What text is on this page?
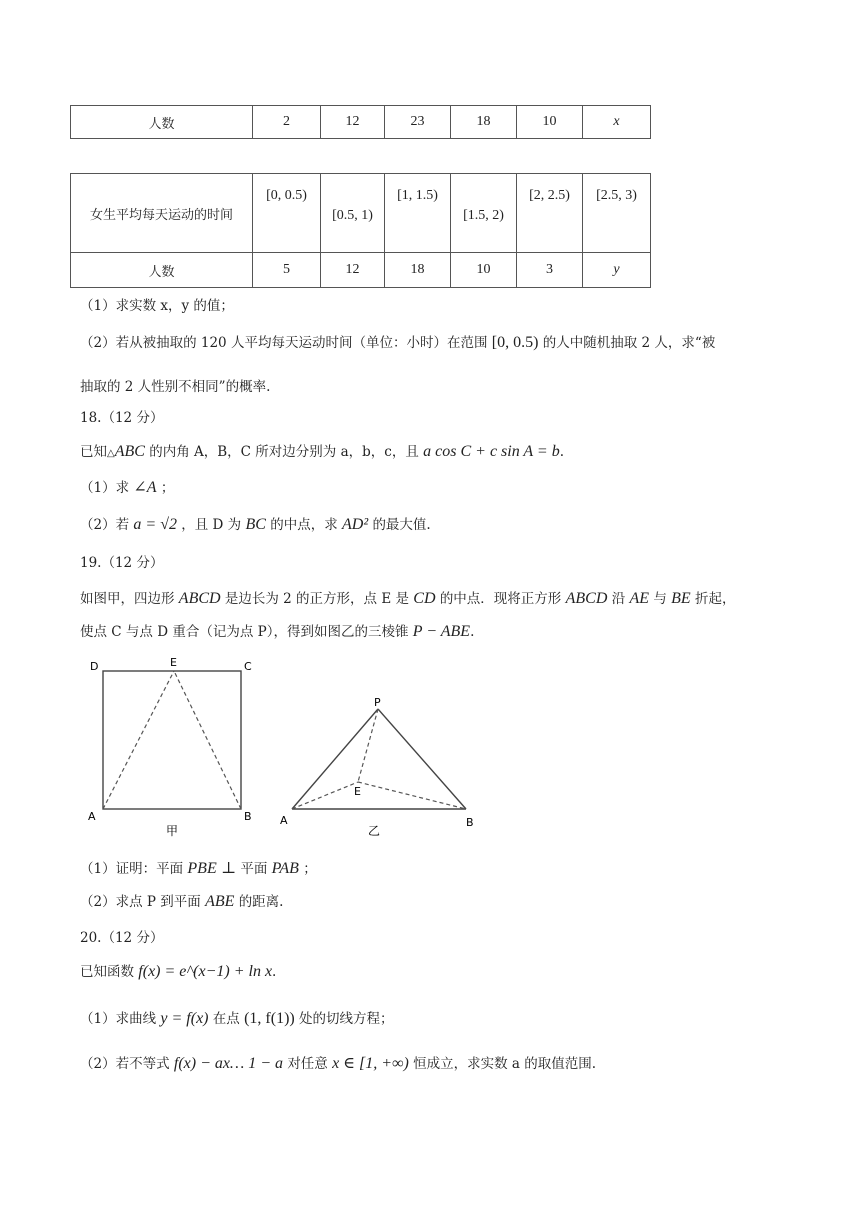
人数	2	12	23	18	10	x
女生平均每天运动的时间	[0, 0.5)	[0.5, 1)	[1, 1.5)	[1.5, 2)	[2, 2.5)	[2.5, 3)
人数	5	12	18	10	3	y
（1）求实数 x，y 的值；
（2）若从被抽取的 120 人平均每天运动时间（单位：小时）在范围 [0, 0.5) 的人中随机抽取 2 人，求“被
抽取的 2 人性别不相同”的概率.
18.（12 分）
已知△ABC 的内角 A，B，C 所对边分别为 a，b，c，且 a cos C + c sin A = b.
（1）求 ∠A ；
（2）若 a = √2 ，且 D 为 BC 的中点，求 AD² 的最大值.
19.（12 分）
如图甲，四边形 ABCD 是边长为 2 的正方形，点 E 是 CD 的中点．现将正方形 ABCD 沿 AE 与 BE 折起，
使点 C 与点 D 重合（记为点 P），得到如图乙的三棱锥 P − ABE.
D	E	C
A	B
甲
P
E
A	B
乙
（1）证明：平面 PBE ⊥ 平面 PAB ；
（2）求点 P 到平面 ABE 的距离.
20.（12 分）
已知函数 f(x) = e^(x−1) + ln x.
（1）求曲线 y = f(x) 在点 (1, f(1)) 处的切线方程；
（2）若不等式 f(x) − ax… 1 − a 对任意 x ∈ [1, +∞) 恒成立，求实数 a 的取值范围.
